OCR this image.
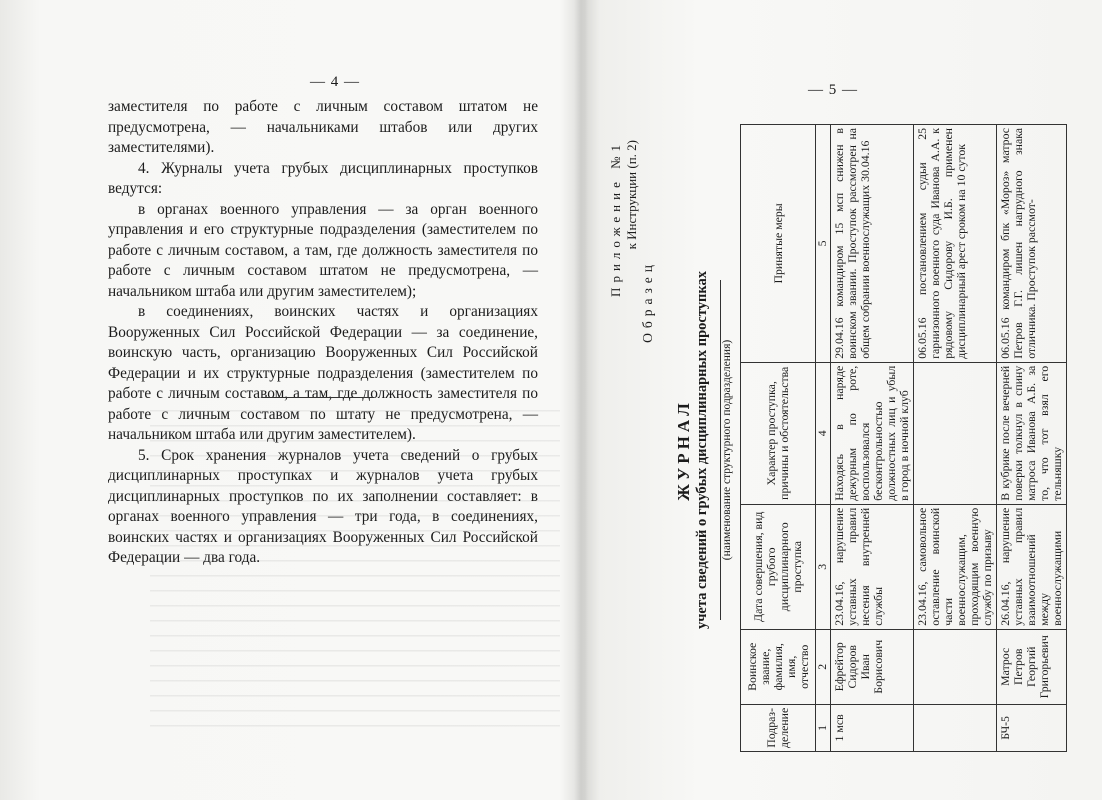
— 4 —

заместителя по работе с личным составом штатом не предусмотрена, — начальниками штабов или других заместителями).

4. Журналы учета грубых дисциплинарных проступков ведутся:

в органах военного управления — за орган военного управления и его структурные подразделения (заместителем по работе с личным составом, а там, где должность заместителя по работе с личным составом штатом не предусмотрена, — начальником штаба или другим заместителем);

в соединениях, воинских частях и организациях Вооруженных Сил Российской Федерации — за соединение, воинскую часть, организацию Вооруженных Сил Российской Федерации и их структурные подразделения (заместителем по работе с личным составом, а там, где должность заместителя по работе с личным составом по штату не предусмотрена, — начальником штаба или другим заместителем).

5. Срок хранения журналов учета сведений о грубых дисциплинарных проступках и журналов учета грубых дисциплинарных проступков по их заполнении составляет: в органах военного управления — три года, в соединениях, воинских частях и организациях Вооруженных Сил Российской Федерации — два года.

— 5 —
Приложение №1 к Инструкции (п. 2)
Образец
ЖУРНАЛ учета сведений о грубых дисциплинарных проступках (наименование структурного подразделения)
Подраз-деление	Воинское звание, фамилия, имя, отчество	Дата совершения, вид грубого дисциплинарного проступка	Характер проступка, причины и обстоятельства	Принятые меры
1	2	3	4	5
1 мсв	Ефрейтор Сидоров Иван Борисович	23.04.16, нарушение уставных правил несения внутренней службы	Находясь в наряде дежурным по роте, воспользовался бесконтрольностью должностных лиц и убыл в город в ночной клуб	29.04.16 командиром 15 мсп снижен в воинском звании. Проступок рассмотрен на общем собрании военнослужащих 30.04.16
		23.04.16, самовольное оставление воинской части военнослужащим, проходящим военную службу по призыву		06.05.16 постановлением судьи 25 гарнизонного военного суда Иванова А.А. к рядовому Сидорову И.Б. применен дисциплинарный арест сроком на 10 суток
БЧ-5	Матрос Петров Георгий Григорьевич	26.04.16, нарушение уставных правил взаимоотношений между военнослужащими	В кубрике после вечерней поверки толкнул в спину матроса Иванова А.Б. за то, что тот взял его тельняшку	06.05.16 командиром бпк «Мороз» матрос Петров Г.Г. лишен нагрудного знака отличника. Проступок рассмот-
